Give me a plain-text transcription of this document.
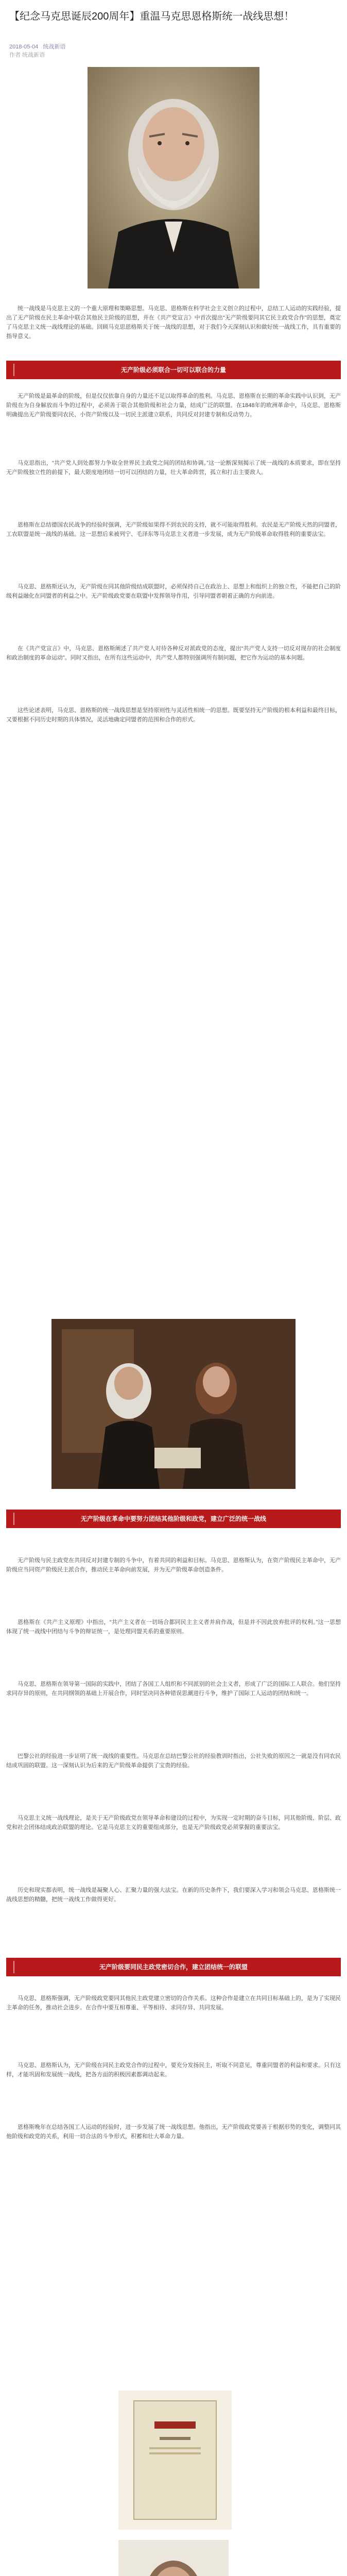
【纪念马克思诞辰200周年】重温马克思恩格斯统一战线思想！
2018-05-04 统战新语
作者 统战新语

统一战线是马克思主义的一个重大原理和策略思想。马克思、恩格斯在科学社会主义创立的过程中，总结工人运动的实践经验，提出了无产阶级在民主革命中联合其他民主阶级的思想，并在《共产党宣言》中首次提出“无产阶级要同其它民主政党合作”的思想，奠定了马克思主义统一战线理论的基础。回顾马克思恩格斯关于统一战线的思想，对于我们今天深刻认识和做好统一战线工作，具有重要的指导意义。

无产阶级必须联合一切可以联合的力量

无产阶级是最革命的阶级，但是仅仅依靠自身的力量还不足以取得革命的胜利。马克思、恩格斯在长期的革命实践中认识到，无产阶级在为自身解放而斗争的过程中，必须善于联合其他阶级和社会力量，结成广泛的联盟。在1848年的欧洲革命中，马克思、恩格斯明确提出无产阶级要同农民、小资产阶级以及一切民主派建立联系，共同反对封建专制和反动势力。

马克思指出，“共产党人到处都努力争取全世界民主政党之间的团结和协调。”这一论断深刻揭示了统一战线的本质要求，即在坚持无产阶级独立性的前提下，最大限度地团结一切可以团结的力量，壮大革命阵营，孤立和打击主要敌人。

恩格斯在总结德国农民战争的经验时强调，无产阶级如果得不到农民的支持，就不可能取得胜利。农民是无产阶级天然的同盟者，工农联盟是统一战线的基础。这一思想后来被列宁、毛泽东等马克思主义者进一步发展，成为无产阶级革命取得胜利的重要法宝。

马克思、恩格斯还认为，无产阶级在同其他阶级结成联盟时，必须保持自己在政治上、思想上和组织上的独立性，不能把自己的阶级利益融化在同盟者的利益之中。无产阶级政党要在联盟中发挥领导作用，引导同盟者朝着正确的方向前进。

在《共产党宣言》中，马克思、恩格斯阐述了共产党人对待各种反对派政党的态度，提出“共产党人支持一切反对现存的社会制度和政治制度的革命运动”。同时又指出，在所有这些运动中，共产党人都特别强调所有制问题，把它作为运动的基本问题。

这些论述表明，马克思、恩格斯的统一战线思想是坚持原则性与灵活性相统一的思想。既要坚持无产阶级的根本利益和最终目标，又要根据不同历史时期的具体情况，灵活地确定同盟者的范围和合作的形式。

无产阶级在革命中要努力团结其他阶级和政党，建立广泛的统一战线

无产阶级与民主政党在共同反对封建专制的斗争中，有着共同的利益和目标。马克思、恩格斯认为，在资产阶级民主革命中，无产阶级应当同资产阶级民主派合作，推动民主革命向前发展，并为无产阶级革命创造条件。

恩格斯在《共产主义原理》中指出，“共产主义者在一切场合都同民主主义者并肩作战，但是并不因此放弃批评的权利。”这一思想体现了统一战线中团结与斗争的辩证统一，是处理同盟关系的重要原则。

马克思、恩格斯在领导第一国际的实践中，团结了各国工人组织和不同派别的社会主义者，形成了广泛的国际工人联合。他们坚持求同存异的原则，在共同纲领的基础上开展合作，同时坚决同各种错误思潮进行斗争，维护了国际工人运动的团结和统一。

巴黎公社的经验进一步证明了统一战线的重要性。马克思在总结巴黎公社的经验教训时指出，公社失败的原因之一就是没有同农民结成巩固的联盟。这一深刻认识为后来的无产阶级革命提供了宝贵的经验。

马克思主义统一战线理论，是关于无产阶级政党在领导革命和建设的过程中，为实现一定时期的奋斗目标，同其他阶级、阶层、政党和社会团体结成政治联盟的理论。它是马克思主义的重要组成部分，也是无产阶级政党必须掌握的重要法宝。

历史和现实都表明，统一战线是凝聚人心、汇聚力量的强大法宝。在新的历史条件下，我们要深入学习和领会马克思、恩格斯统一战线思想的精髓，把统一战线工作做得更好。

无产阶级要同民主政党密切合作，建立团结统一的联盟

马克思、恩格斯强调，无产阶级政党要同其他民主政党建立密切的合作关系。这种合作是建立在共同目标基础上的，是为了实现民主革命的任务，推动社会进步。在合作中要互相尊重、平等相待、求同存异、共同发展。

马克思、恩格斯认为，无产阶级在同民主政党合作的过程中，要充分发扬民主，听取不同意见，尊重同盟者的利益和要求。只有这样，才能巩固和发展统一战线，把各方面的积极因素都调动起来。

恩格斯晚年在总结各国工人运动的经验时，进一步发展了统一战线思想。他指出，无产阶级政党要善于根据形势的变化，调整同其他阶级和政党的关系，利用一切合法的斗争形式，积蓄和壮大革命力量。
